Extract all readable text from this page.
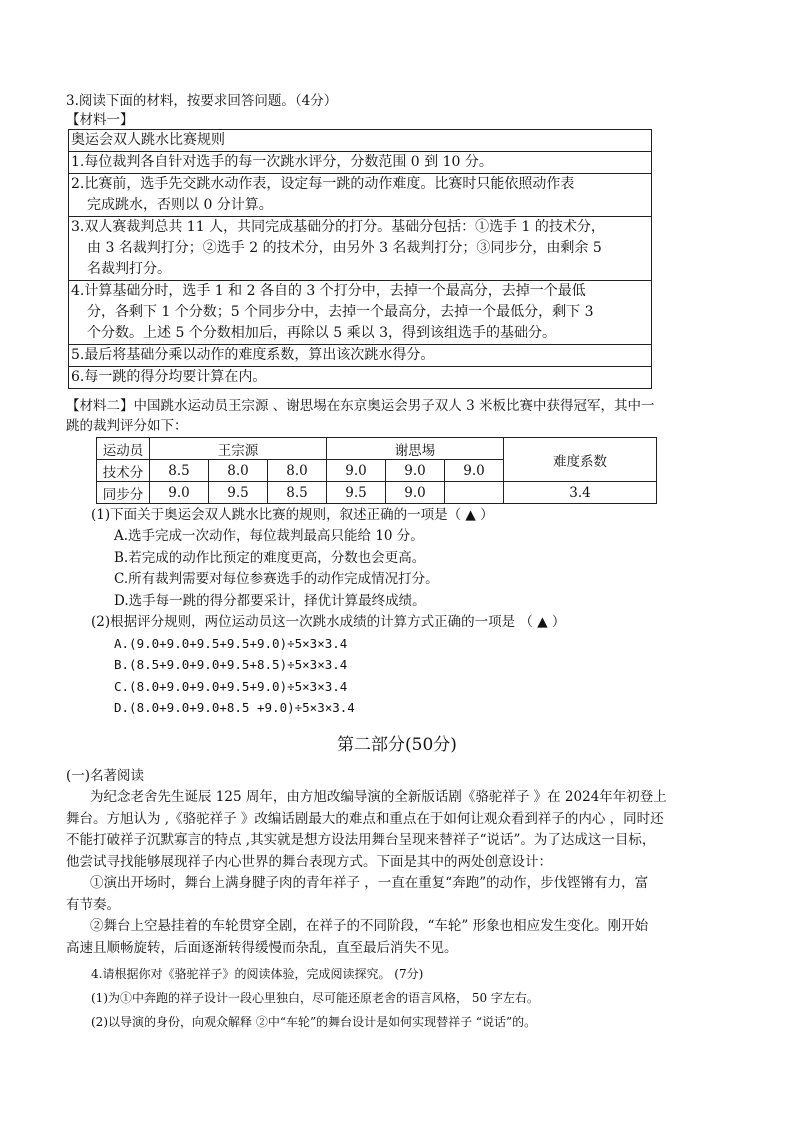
3.阅读下面的材料，按要求回答问题。（4分）
【材料一】
奥运会双人跳水比赛规则
1.每位裁判各自针对选手的每一次跳水评分，分数范围 0 到 10 分。
2.比赛前，选手先交跳水动作表，设定每一跳的动作难度。比赛时只能依照动作表
完成跳水，否则以 0 分计算。

3.双人赛裁判总共 11 人，共同完成基础分的打分。基础分包括：①选手 1 的技术分，
由 3 名裁判打分；②选手 2 的技术分，由另外 3 名裁判打分；③同步分，由剩余 5
名裁判打分。

4.计算基础分时，选手 1 和 2 各自的 3 个打分中，去掉一个最高分，去掉一个最低
分，各剩下 1 个分数；5 个同步分中，去掉一个最高分，去掉一个最低分，剩下 3
个分数。上述 5 个分数相加后，再除以 5 乘以 3，得到该组选手的基础分。

5.最后将基础分乘以动作的难度系数，算出该次跳水得分。
6.每一跳的得分均要计算在内。
【材料二】中国跳水运动员王宗源 、谢思埸在东京奥运会男子双人 3 米板比赛中获得冠军，其中一
跳的裁判评分如下：
运动员	王宗源			谢思埸			难度系数
技术分	8.5	8.0	8.0	9.0	9.0	9.0	
同步分	9.0	9.5	8.5	9.5	9.0		3.4
(1)下面关于奥运会双人跳水比赛的规则，叙述正确的一项是（ ▲ ）
A.选手完成一次动作，每位裁判最高只能给 10 分。
B.若完成的动作比预定的难度更高，分数也会更高。
C.所有裁判需要对每位参赛选手的动作完成情况打分。
D.选手每一跳的得分都要采计，择优计算最终成绩。
(2)根据评分规则，两位运动员这一次跳水成绩的计算方式正确的一项是 （ ▲ ）
A.(9.0+9.0+9.5+9.5+9.0)÷5×3×3.4
B.(8.5+9.0+9.0+9.5+8.5)÷5×3×3.4
C.(8.0+9.0+9.0+9.5+9.0)÷5×3×3.4
D.(8.0+9.0+9.0+8.5 +9.0)÷5×3×3.4
第二部分(50分)
(一)名著阅读
为纪念老舍先生诞辰 125 周年，由方旭改编导演的全新版话剧《骆驼祥子 》在 2024年年初登上
舞台。方旭认为 ,《骆驼祥子 》改编话剧最大的难点和重点在于如何让观众看到祥子的内心 ，同时还
不能打破祥子沉默寡言的特点 ,其实就是想方设法用舞台呈现来替祥子“说话”。为了达成这一目标，
他尝试寻找能够展现祥子内心世界的舞台表现方式。下面是其中的两处创意设计：
①演出开场时，舞台上满身腱子肉的青年祥子 ，一直在重复“奔跑”的动作，步伐铿锵有力，富
有节奏。
②舞台上空悬挂着的车轮贯穿全剧，在祥子的不同阶段，“车轮” 形象也相应发生变化。刚开始
高速且顺畅旋转，后面逐渐转得缓慢而杂乱，直至最后消失不见。
4.请根据你对《骆驼祥子》的阅读体验，完成阅读探究。 (7分)
(1)为①中奔跑的祥子设计一段心里独白，尽可能还原老舍的语言风格， 50 字左右。
(2)以导演的身份，向观众解释 ②中“车轮”的舞台设计是如何实现替祥子 “说话”的。
